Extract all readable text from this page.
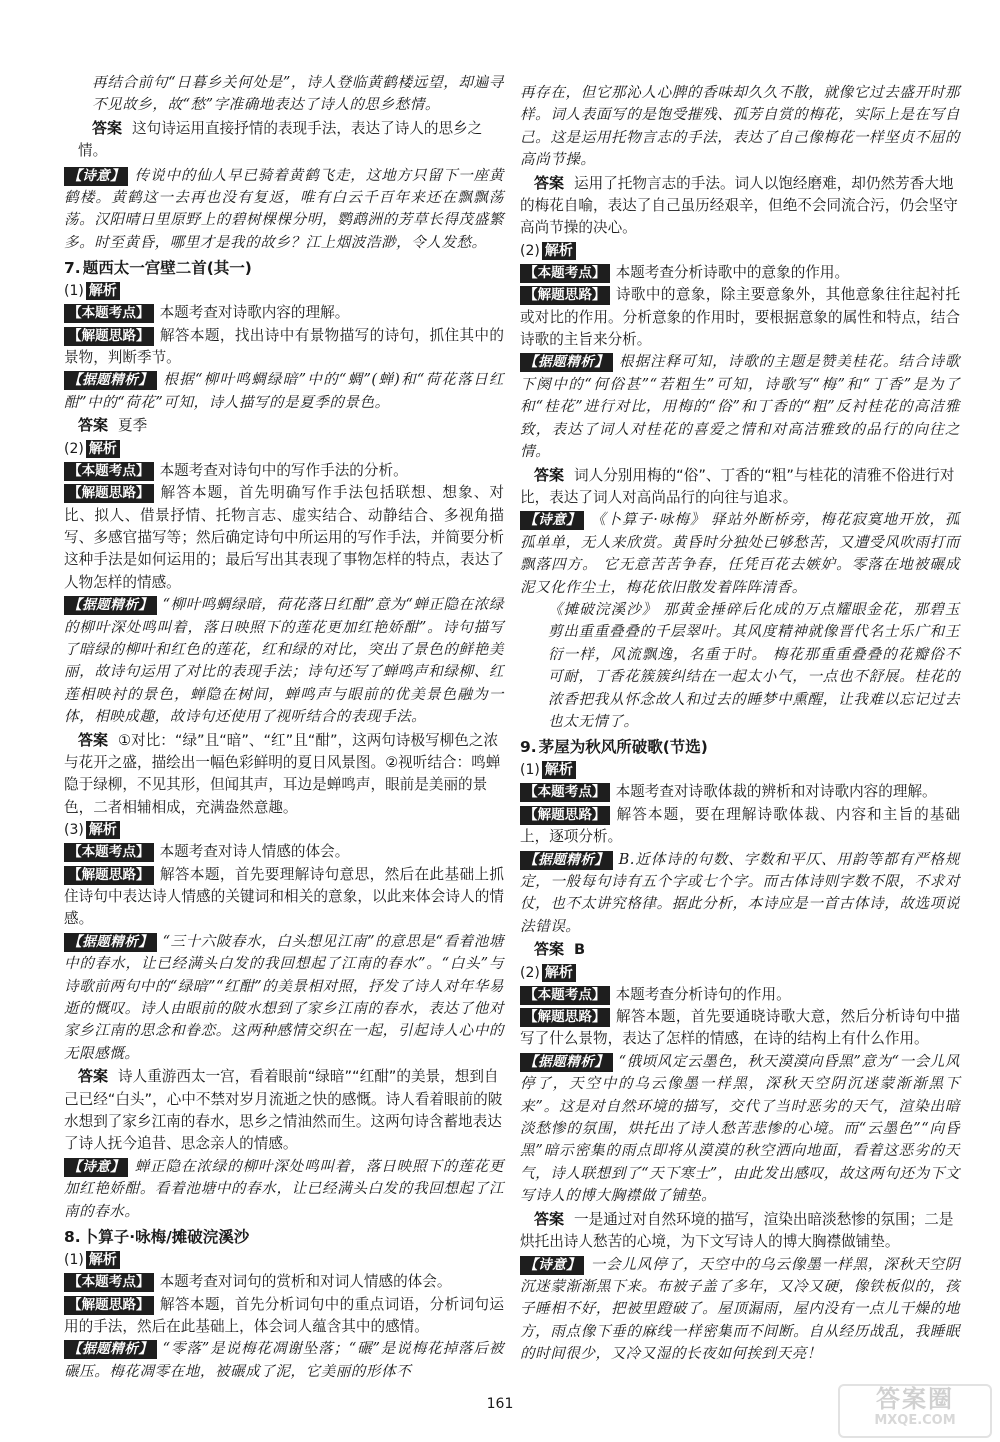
再结合前句“日暮乡关何处是”，诗人登临黄鹤楼远望，却遍寻不见故乡，故“愁”字准确地表达了诗人的思乡愁情。
答案 这句诗运用直接抒情的表现手法，表达了诗人的思乡之情。
【诗意】 传说中的仙人早已骑着黄鹤飞走，这地方只留下一座黄鹤楼。黄鹤这一去再也没有复返，唯有白云千百年来还在飘飘荡荡。汉阳晴日里原野上的碧树棵棵分明，鹦鹉洲的芳草长得茂盛繁多。时至黄昏，哪里才是我的故乡？江上烟波浩渺，令人发愁。
7. 题西太一宫壁二首(其一)
(1) 解析
【本题考点】 本题考查对诗歌内容的理解。
【解题思路】 解答本题，找出诗中有景物描写的诗句，抓住其中的景物，判断季节。
【据题精析】 根据“柳叶鸣蜩绿暗”中的“蜩”(蝉)和“荷花落日红酣”中的“荷花”可知，诗人描写的是夏季的景色。
答案 夏季
(2) 解析
【本题考点】 本题考查对诗句中的写作手法的分析。
【解题思路】 解答本题，首先明确写作手法包括联想、想象、对比、拟人、借景抒情、托物言志、虚实结合、动静结合、多视角描写、多感官描写等；然后确定诗句中所运用的写作手法，并简要分析这种手法是如何运用的；最后写出其表现了事物怎样的特点，表达了人物怎样的情感。
【据题精析】 “柳叶鸣蜩绿暗，荷花落日红酣”意为“蝉正隐在浓绿的柳叶深处鸣叫着，落日映照下的莲花更加红艳娇酣”。诗句描写了暗绿的柳叶和红色的莲花，红和绿的对比，突出了景色的鲜艳美丽，故诗句运用了对比的表现手法；诗句还写了蝉鸣声和绿柳、红莲相映衬的景色，蝉隐在树间，蝉鸣声与眼前的优美景色融为一体，相映成趣，故诗句还使用了视听结合的表现手法。
答案 ①对比：“绿”且“暗”、“红”且“酣”，这两句诗极写柳色之浓与花开之盛，描绘出一幅色彩鲜明的夏日风景图。②视听结合：鸣蝉隐于绿柳，不见其形，但闻其声，耳边是蝉鸣声，眼前是美丽的景色，二者相辅相成，充满盎然意趣。
(3) 解析
【本题考点】 本题考查对诗人情感的体会。
【解题思路】 解答本题，首先要理解诗句意思，然后在此基础上抓住诗句中表达诗人情感的关键词和相关的意象，以此来体会诗人的情感。
【据题精析】 “三十六陂春水，白头想见江南”的意思是“看着池塘中的春水，让已经满头白发的我回想起了江南的春水”。“白头”与诗歌前两句中的“绿暗”“红酣”的美景相对照，抒发了诗人对年华易逝的慨叹。诗人由眼前的陂水想到了家乡江南的春水，表达了他对家乡江南的思念和眷恋。这两种感情交织在一起，引起诗人心中的无限感慨。
答案 诗人重游西太一宫，看着眼前“绿暗”“红酣”的美景，想到自己已经“白头”，心中不禁对岁月流逝之快的感慨。诗人看着眼前的陂水想到了家乡江南的春水，思乡之情油然而生。这两句诗含蓄地表达了诗人抚今追昔、思念亲人的情感。
【诗意】 蝉正隐在浓绿的柳叶深处鸣叫着，落日映照下的莲花更加红艳娇酣。看着池塘中的春水，让已经满头白发的我回想起了江南的春水。
8. 卜算子·咏梅/摊破浣溪沙
(1) 解析
【本题考点】 本题考查对词句的赏析和对词人情感的体会。
【解题思路】 解答本题，首先分析词句中的重点词语，分析词句运用的手法，然后在此基础上，体会词人蕴含其中的感情。
【据题精析】 “零落”是说梅花凋谢坠落；“碾”是说梅花掉落后被碾压。梅花凋零在地，被碾成了泥，它美丽的形体不
再存在，但它那沁人心脾的香味却久久不散，就像它过去盛开时那样。词人表面写的是饱受摧残、孤芳自赏的梅花，实际上是在写自己。这是运用托物言志的手法，表达了自己像梅花一样坚贞不屈的高尚节操。
答案 运用了托物言志的手法。词人以饱经磨难，却仍然芳香大地的梅花自喻，表达了自己虽历经艰辛，但绝不会同流合污，仍会坚守高尚节操的决心。
(2) 解析
【本题考点】 本题考查分析诗歌中的意象的作用。
【解题思路】 诗歌中的意象，除主要意象外，其他意象往往起衬托或对比的作用。分析意象的作用时，要根据意象的属性和特点，结合诗歌的主旨来分析。
【据题精析】 根据注释可知，诗歌的主题是赞美桂花。结合诗歌下阕中的“何俗甚”“若粗生”可知，诗歌写“梅”和“丁香”是为了和“桂花”进行对比，用梅的“俗”和丁香的“粗”反衬桂花的高洁雅致，表达了词人对桂花的喜爱之情和对高洁雅致的品行的向往之情。
答案 词人分别用梅的“俗”、丁香的“粗”与桂花的清雅不俗进行对比，表达了词人对高尚品行的向往与追求。
【诗意】 《卜算子·咏梅》 驿站外断桥旁，梅花寂寞地开放，孤孤单单，无人来欣赏。黄昏时分独处已够愁苦，又遭受风吹雨打而飘落四方。 它无意苦苦争春，任凭百花去嫉妒。零落在地被碾成泥又化作尘土，梅花依旧散发着阵阵清香。
《摊破浣溪沙》 那黄金捶碎后化成的万点耀眼金花，那碧玉剪出重重叠叠的千层翠叶。其风度精神就像晋代名士乐广和王衍一样，风流飘逸，名重于时。 梅花那重重叠叠的花瓣俗不可耐，丁香花簇簇纠结在一起太小气，一点也不舒展。桂花的浓香把我从怀念故人和过去的睡梦中熏醒，让我难以忘记过去也太无情了。
9. 茅屋为秋风所破歌(节选)
(1) 解析
【本题考点】 本题考查对诗歌体裁的辨析和对诗歌内容的理解。
【解题思路】 解答本题，要在理解诗歌体裁、内容和主旨的基础上，逐项分析。
【据题精析】 B.近体诗的句数、字数和平仄、用韵等都有严格规定，一般每句诗有五个字或七个字。而古体诗则字数不限，不求对仗，也不太讲究格律。据此分析，本诗应是一首古体诗，故选项说法错误。
答案 B
(2) 解析
【本题考点】 本题考查分析诗句的作用。
【解题思路】 解答本题，首先要通晓诗歌大意，然后分析诗句中描写了什么景物，表达了怎样的情感，在诗的结构上有什么作用。
【据题精析】 “俄顷风定云墨色，秋天漠漠向昏黑”意为“一会儿风停了，天空中的乌云像墨一样黑，深秋天空阴沉迷蒙渐渐黑下来”。这是对自然环境的描写，交代了当时恶劣的天气，渲染出暗淡愁惨的氛围，烘托出了诗人愁苦悲惨的心境。而“云墨色”“向昏黑”暗示密集的雨点即将从漠漠的秋空洒向地面，看着这恶劣的天气，诗人联想到了“天下寒士”，由此发出感叹，故这两句还为下文写诗人的博大胸襟做了铺垫。
答案 一是通过对自然环境的描写，渲染出暗淡愁惨的氛围；二是烘托出诗人愁苦的心境，为下文写诗人的博大胸襟做铺垫。
【诗意】 一会儿风停了，天空中的乌云像墨一样黑，深秋天空阴沉迷蒙渐渐黑下来。布被子盖了多年，又冷又硬，像铁板似的，孩子睡相不好，把被里蹬破了。屋顶漏雨，屋内没有一点儿干燥的地方，雨点像下垂的麻线一样密集而不间断。自从经历战乱，我睡眠的时间很少，又冷又湿的长夜如何挨到天亮！
161	答案圈
MXQE.COM
